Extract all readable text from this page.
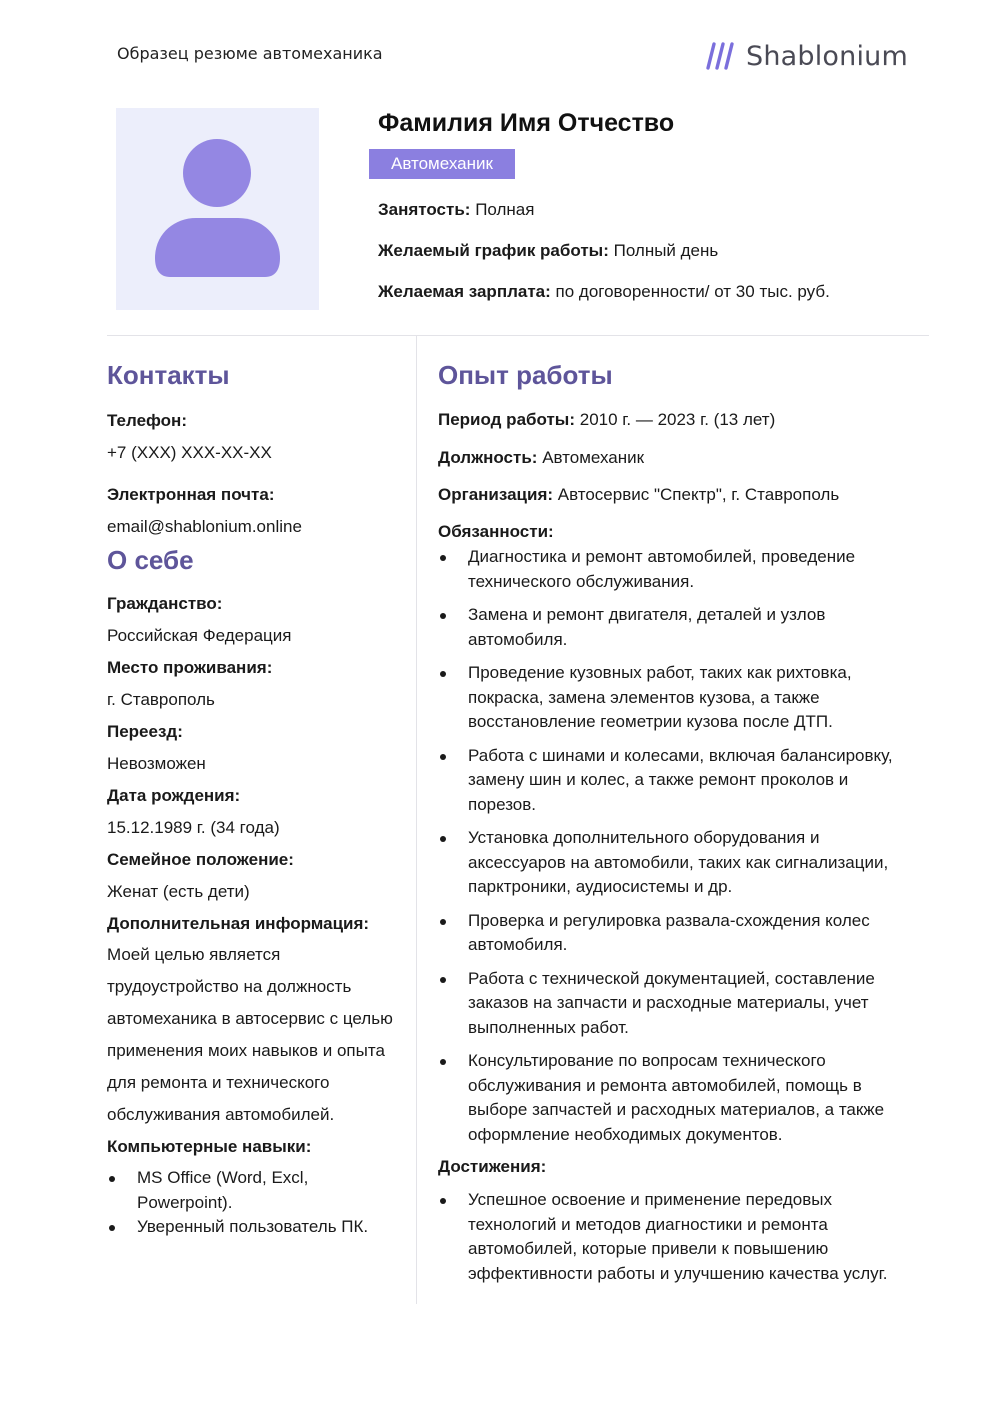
Образец резюме автомеханика	Shablonium
Фамилия Имя Отчество
Автомеханик
Занятость: Полная
Желаемый график работы: Полный день
Желаемая зарплата: по договоренности/ от 30 тыс. руб.
Контакты
Телефон:
+7 (XXX) XXX-XX-XX
Электронная почта:
email@shablonium.online
О себе
Гражданство:
Российская Федерация
Место проживания:
г. Ставрополь
Переезд:
Невозможен
Дата рождения:
15.12.1989 г. (34 года)
Семейное положение:
Женат (есть дети)
Дополнительная информация:
Моей целью является трудоустройство на должность автомеханика в автосервис с целью применения моих навыков и опыта для ремонта и технического обслуживания автомобилей.
Компьютерные навыки:
MS Office (Word, Excl, Powerpoint).
Уверенный пользователь ПК.
Опыт работы
Период работы: 2010 г. — 2023 г. (13 лет)
Должность: Автомеханик
Организация: Автосервис "Спектр", г. Ставрополь
Обязанности:
Диагностика и ремонт автомобилей, проведение технического обслуживания.
Замена и ремонт двигателя, деталей и узлов автомобиля.
Проведение кузовных работ, таких как рихтовка, покраска, замена элементов кузова, а также восстановление геометрии кузова после ДТП.
Работа с шинами и колесами, включая балансировку, замену шин и колес, а также ремонт проколов и порезов.
Установка дополнительного оборудования и аксессуаров на автомобили, таких как сигнализации, парктроники, аудиосистемы и др.
Проверка и регулировка развала-схождения колес автомобиля.
Работа с технической документацией, составление заказов на запчасти и расходные материалы, учет выполненных работ.
Консультирование по вопросам технического обслуживания и ремонта автомобилей, помощь в выборе запчастей и расходных материалов, а также оформление необходимых документов.
Достижения:
Успешное освоение и применение передовых технологий и методов диагностики и ремонта автомобилей, которые привели к повышению эффективности работы и улучшению качества услуг.
